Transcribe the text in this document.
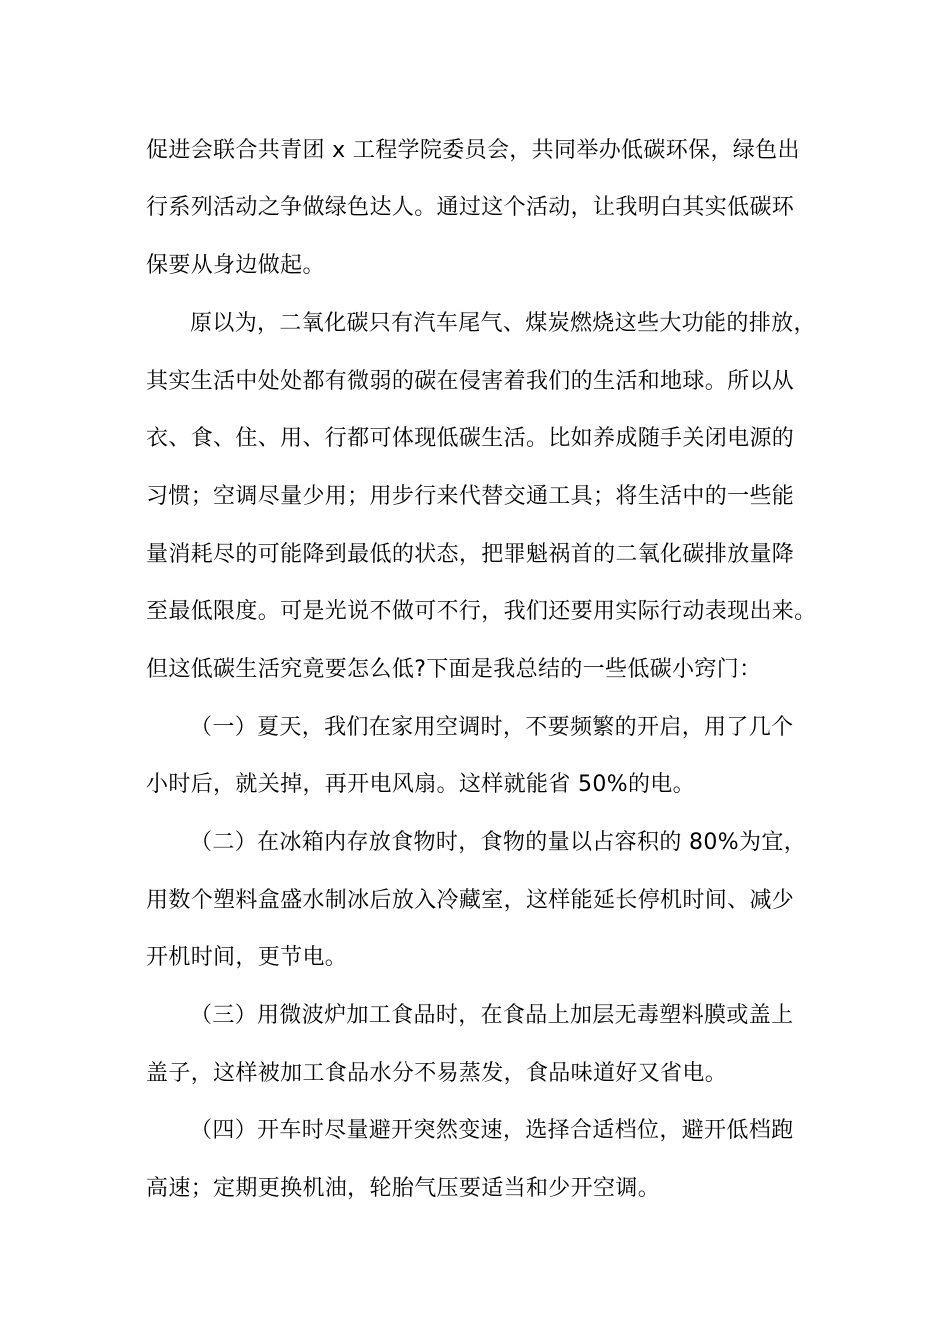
促进会联合共青团 x 工程学院委员会，共同举办低碳环保，绿色出
行系列活动之争做绿色达人。通过这个活动，让我明白其实低碳环
保要从身边做起。
原以为，二氧化碳只有汽车尾气、煤炭燃烧这些大功能的排放，
其实生活中处处都有微弱的碳在侵害着我们的生活和地球。所以从
衣、食、住、用、行都可体现低碳生活。比如养成随手关闭电源的
习惯；空调尽量少用；用步行来代替交通工具；将生活中的一些能
量消耗尽的可能降到最低的状态，把罪魁祸首的二氧化碳排放量降
至最低限度。可是光说不做可不行，我们还要用实际行动表现出来。
但这低碳生活究竟要怎么低?下面是我总结的一些低碳小窍门：
（一）夏天，我们在家用空调时，不要频繁的开启，用了几个
小时后，就关掉，再开电风扇。这样就能省 50%的电。
（二）在冰箱内存放食物时，食物的量以占容积的 80%为宜，
用数个塑料盒盛水制冰后放入冷藏室，这样能延长停机时间、减少
开机时间，更节电。
（三）用微波炉加工食品时，在食品上加层无毒塑料膜或盖上
盖子，这样被加工食品水分不易蒸发，食品味道好又省电。
（四）开车时尽量避开突然变速，选择合适档位，避开低档跑
高速；定期更换机油，轮胎气压要适当和少开空调。
